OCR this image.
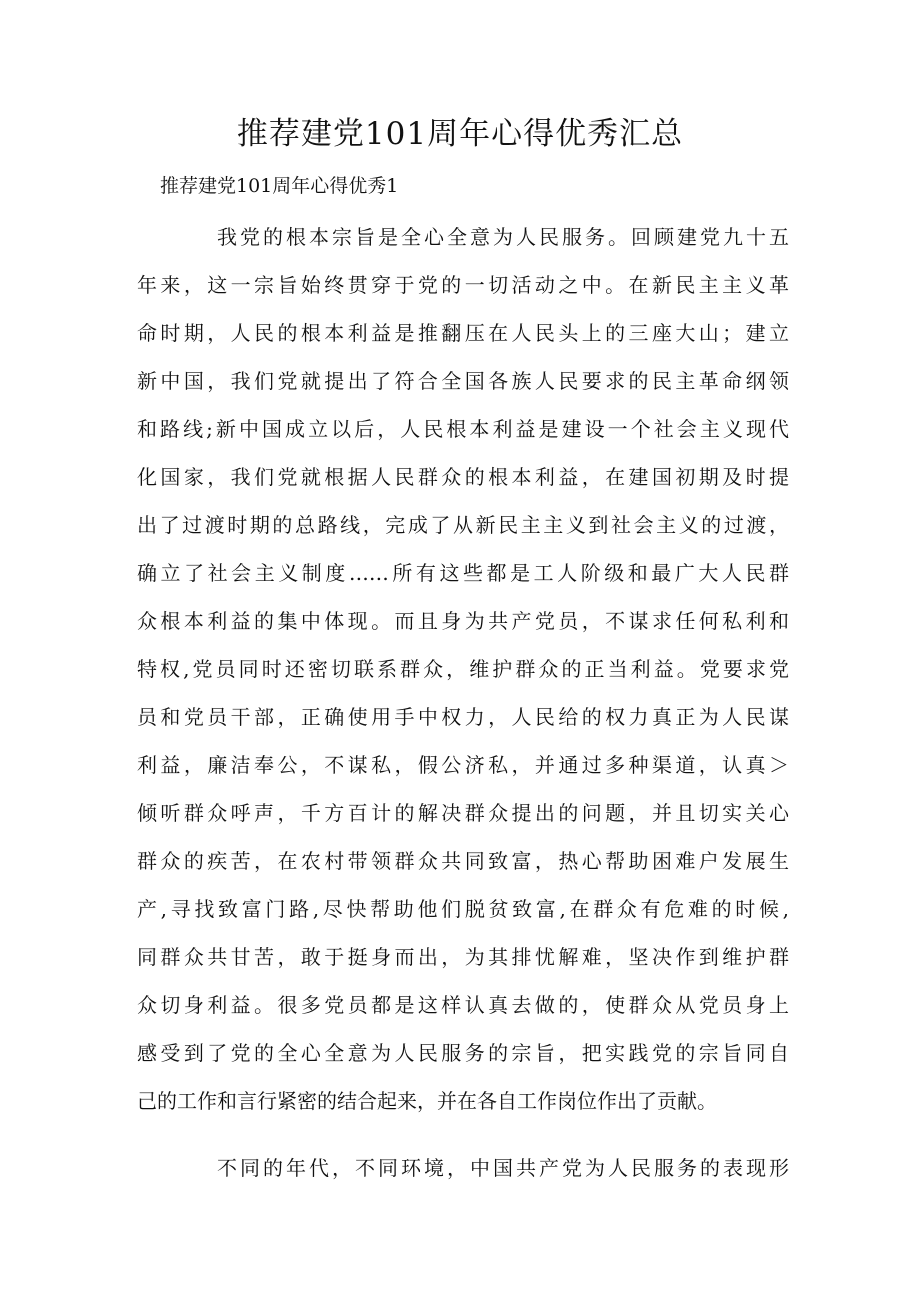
推荐建党101周年心得优秀汇总
推荐建党101周年心得优秀1
我党的根本宗旨是全心全意为人民服务。回顾建党九十五
年来，这一宗旨始终贯穿于党的一切活动之中。在新民主主义革
命时期，人民的根本利益是推翻压在人民头上的三座大山；建立
新中国，我们党就提出了符合全国各族人民要求的民主革命纲领
和路线;新中国成立以后，人民根本利益是建设一个社会主义现代
化国家，我们党就根据人民群众的根本利益，在建国初期及时提
出了过渡时期的总路线，完成了从新民主主义到社会主义的过渡，
确立了社会主义制度……所有这些都是工人阶级和最广大人民群
众根本利益的集中体现。而且身为共产党员，不谋求任何私利和
特权,党员同时还密切联系群众，维护群众的正当利益。党要求党
员和党员干部，正确使用手中权力，人民给的权力真正为人民谋
利益，廉洁奉公，不谋私，假公济私，并通过多种渠道，认真＞
倾听群众呼声，千方百计的解决群众提出的问题，并且切实关心
群众的疾苦，在农村带领群众共同致富，热心帮助困难户发展生
产,寻找致富门路,尽快帮助他们脱贫致富,在群众有危难的时候,
同群众共甘苦，敢于挺身而出，为其排忧解难，坚决作到维护群
众切身利益。很多党员都是这样认真去做的，使群众从党员身上
感受到了党的全心全意为人民服务的宗旨，把实践党的宗旨同自
己的工作和言行紧密的结合起来，并在各自工作岗位作出了贡献。
不同的年代，不同环境，中国共产党为人民服务的表现形
